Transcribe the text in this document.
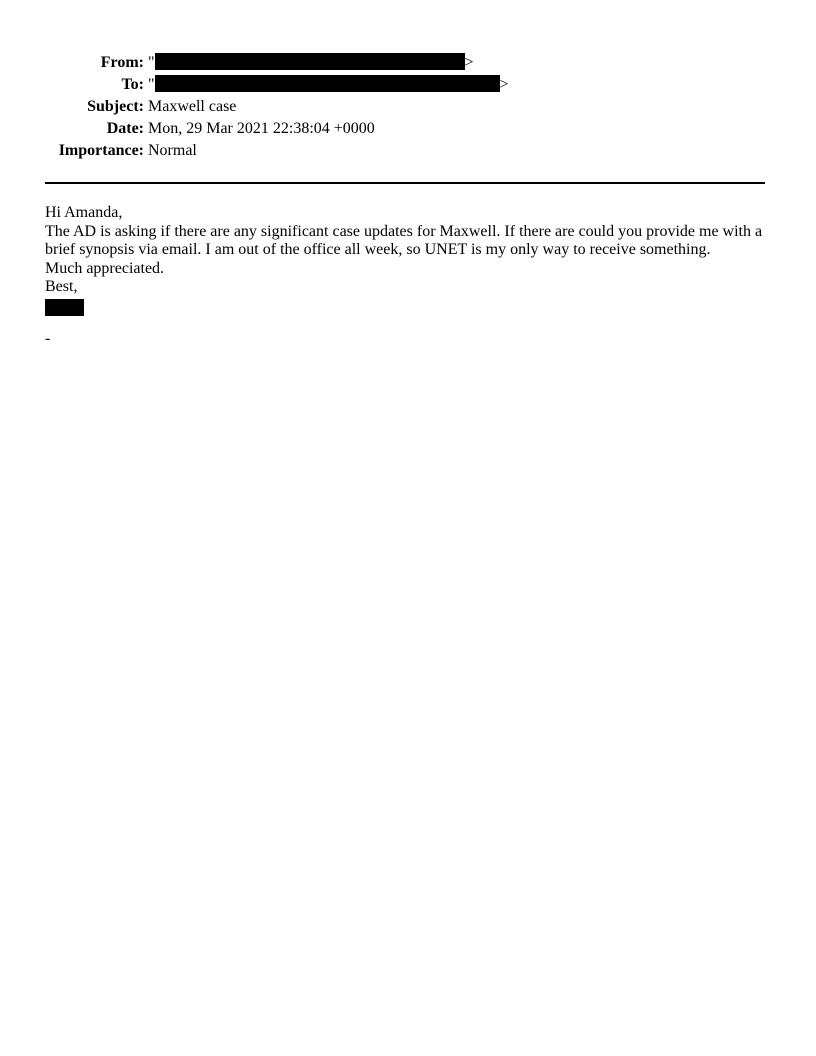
From:	" >
To:	" >
Subject:	Maxwell case
Date:	Mon, 29 Mar 2021 22:38:04 +0000
Importance:	Normal

Hi Amanda,

The AD is asking if there are any significant case updates for Maxwell. If there are could you provide me with a brief synopsis via email. I am out of the office all week, so UNET is my only way to receive something.

Much appreciated.

Best,

-
